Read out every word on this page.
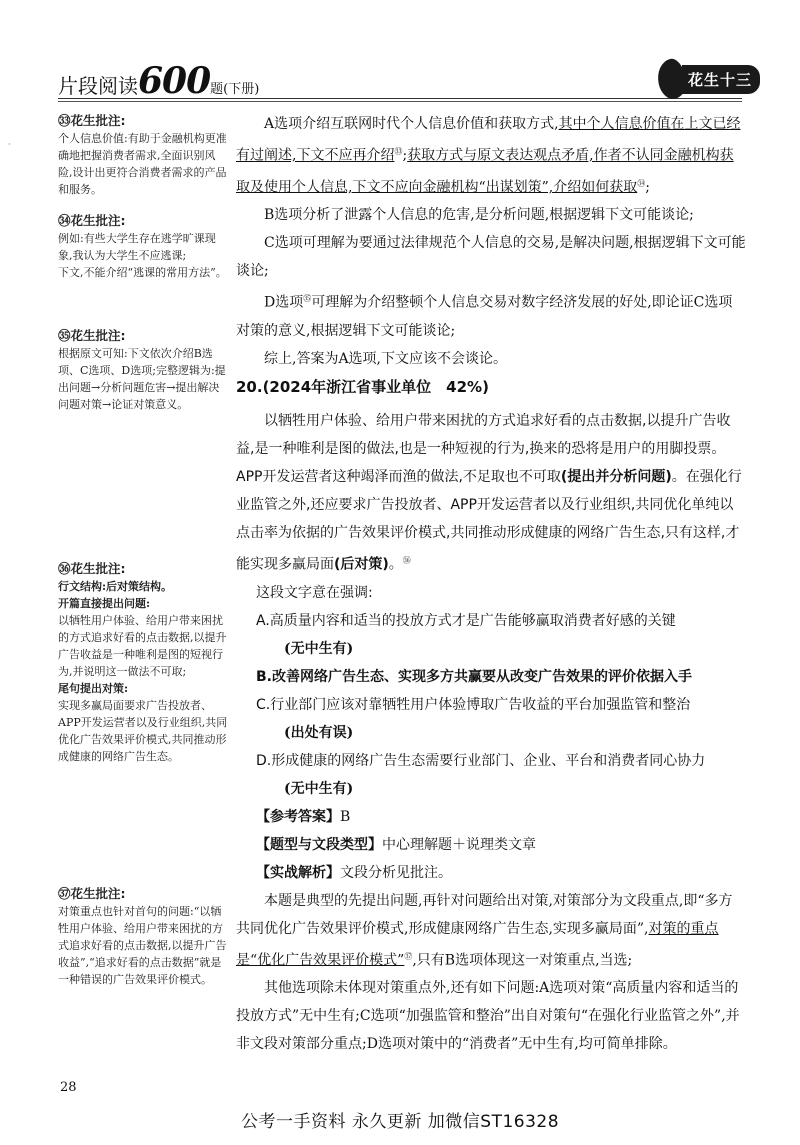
·
片段阅读600题(下册)
花生十三
㉝花生批注:
个人信息价值:有助于金融机构更准确地把握消费者需求,全面识别风险,设计出更符合消费者需求的产品和服务。
㉞花生批注:
例如:有些大学生存在逃学旷课现象,我认为大学生不应逃课;
下文,不能介绍“逃课的常用方法”。
㉟花生批注:
根据原文可知:下文依次介绍B选项、C选项、D选项;完整逻辑为:提出问题→分析问题危害→提出解决问题对策→论证对策意义。
㊱花生批注:
行文结构:后对策结构。
开篇直接提出问题:
以牺牲用户体验、给用户带来困扰的方式追求好看的点击数据,以提升广告收益是一种唯利是图的短视行为,并说明这一做法不可取;
尾句提出对策:
实现多赢局面要求广告投放者、APP开发运营者以及行业组织,共同优化广告效果评价模式,共同推动形成健康的网络广告生态。
㊲花生批注:
对策重点也针对首句的问题:“以牺牲用户体验、给用户带来困扰的方式追求好看的点击数据,以提升广告收益”,“追求好看的点击数据”就是一种错误的广告效果评价模式。

A选项介绍互联网时代个人信息价值和获取方式,其中个人信息价值在上文已经有过阐述,下文不应再介绍$^㉝$;获取方式与原文表达观点矛盾,作者不认同金融机构获取及使用个人信息,下文不应向金融机构“出谋划策”,介绍如何获取$^㉞$;

B选项分析了泄露个人信息的危害,是分析问题,根据逻辑下文可能谈论;

C选项可理解为要通过法律规范个人信息的交易,是解决问题,根据逻辑下文可能谈论;

D选项$^㉟$可理解为介绍整顿个人信息交易对数字经济发展的好处,即论证C选项对策的意义,根据逻辑下文可能谈论;

综上,答案为A选项,下文应该不会谈论。

20.(2024年浙江省事业单位　42%)

以牺牲用户体验、给用户带来困扰的方式追求好看的点击数据,以提升广告收益,是一种唯利是图的做法,也是一种短视的行为,换来的恐将是用户的用脚投票。APP开发运营者这种竭泽而渔的做法,不足取也不可取(提出并分析问题)。在强化行业监管之外,还应要求广告投放者、APP开发运营者以及行业组织,共同优化单纯以点击率为依据的广告效果评价模式,共同推动形成健康的网络广告生态,只有这样,才能实现多赢局面(后对策)。$^㊱$

这段文字意在强调:

A.高质量内容和适当的投放方式才是广告能够赢取消费者好感的关键

(无中生有)

B.改善网络广告生态、实现多方共赢要从改变广告效果的评价依据入手

C.行业部门应该对靠牺牲用户体验博取广告收益的平台加强监管和整治

(出处有误)

D.形成健康的网络广告生态需要行业部门、企业、平台和消费者同心协力

(无中生有)

【参考答案】B

【题型与文段类型】中心理解题＋说理类文章

【实战解析】文段分析见批注。

本题是典型的先提出问题,再针对问题给出对策,对策部分为文段重点,即“多方共同优化广告效果评价模式,形成健康网络广告生态,实现多赢局面”,对策的重点是“优化广告效果评价模式”$^㊲$,只有B选项体现这一对策重点,当选;

其他选项除未体现对策重点外,还有如下问题:A选项对策“高质量内容和适当的投放方式”无中生有;C选项“加强监管和整治”出自对策句“在强化行业监管之外”,并非文段对策部分重点;D选项对策中的“消费者”无中生有,均可简单排除。

28
公考一手资料 永久更新 加微信ST16328
